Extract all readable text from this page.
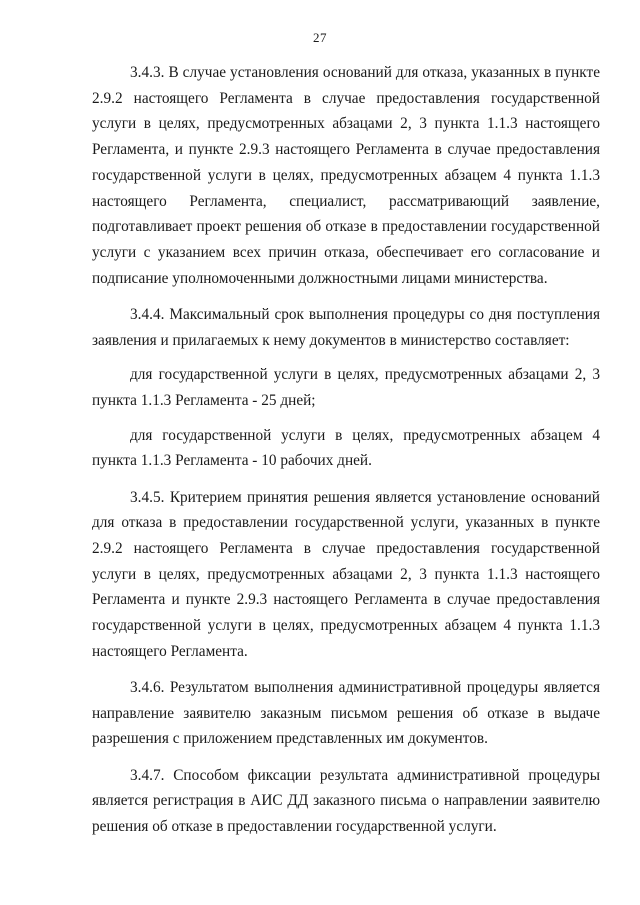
27

3.4.3. В случае установления оснований для отказа, указанных в пункте 2.9.2 настоящего Регламента в случае предоставления государственной услуги в целях, предусмотренных абзацами 2, 3 пункта 1.1.3 настоящего Регламента, и пункте 2.9.3 настоящего Регламента в случае предоставления государственной услуги в целях, предусмотренных абзацем 4 пункта 1.1.3 настоящего Регламента, специалист, рассматривающий заявление, подготавливает проект решения об отказе в предоставлении государственной услуги с указанием всех причин отказа, обеспечивает его согласование и подписание уполномоченными должностными лицами министерства.

3.4.4. Максимальный срок выполнения процедуры со дня поступления заявления и прилагаемых к нему документов в министерство составляет:

для государственной услуги в целях, предусмотренных абзацами 2, 3 пункта 1.1.3 Регламента - 25 дней;

для государственной услуги в целях, предусмотренных абзацем 4 пункта 1.1.3 Регламента - 10 рабочих дней.

3.4.5. Критерием принятия решения является установление оснований для отказа в предоставлении государственной услуги, указанных в пункте 2.9.2 настоящего Регламента в случае предоставления государственной услуги в целях, предусмотренных абзацами 2, 3 пункта 1.1.3 настоящего Регламента и пункте 2.9.3 настоящего Регламента в случае предоставления государственной услуги в целях, предусмотренных абзацем 4 пункта 1.1.3 настоящего Регламента.

3.4.6. Результатом выполнения административной процедуры является направление заявителю заказным письмом решения об отказе в выдаче разрешения с приложением представленных им документов.

3.4.7. Способом фиксации результата административной процедуры является регистрация в АИС ДД заказного письма о направлении заявителю решения об отказе в предоставлении государственной услуги.
